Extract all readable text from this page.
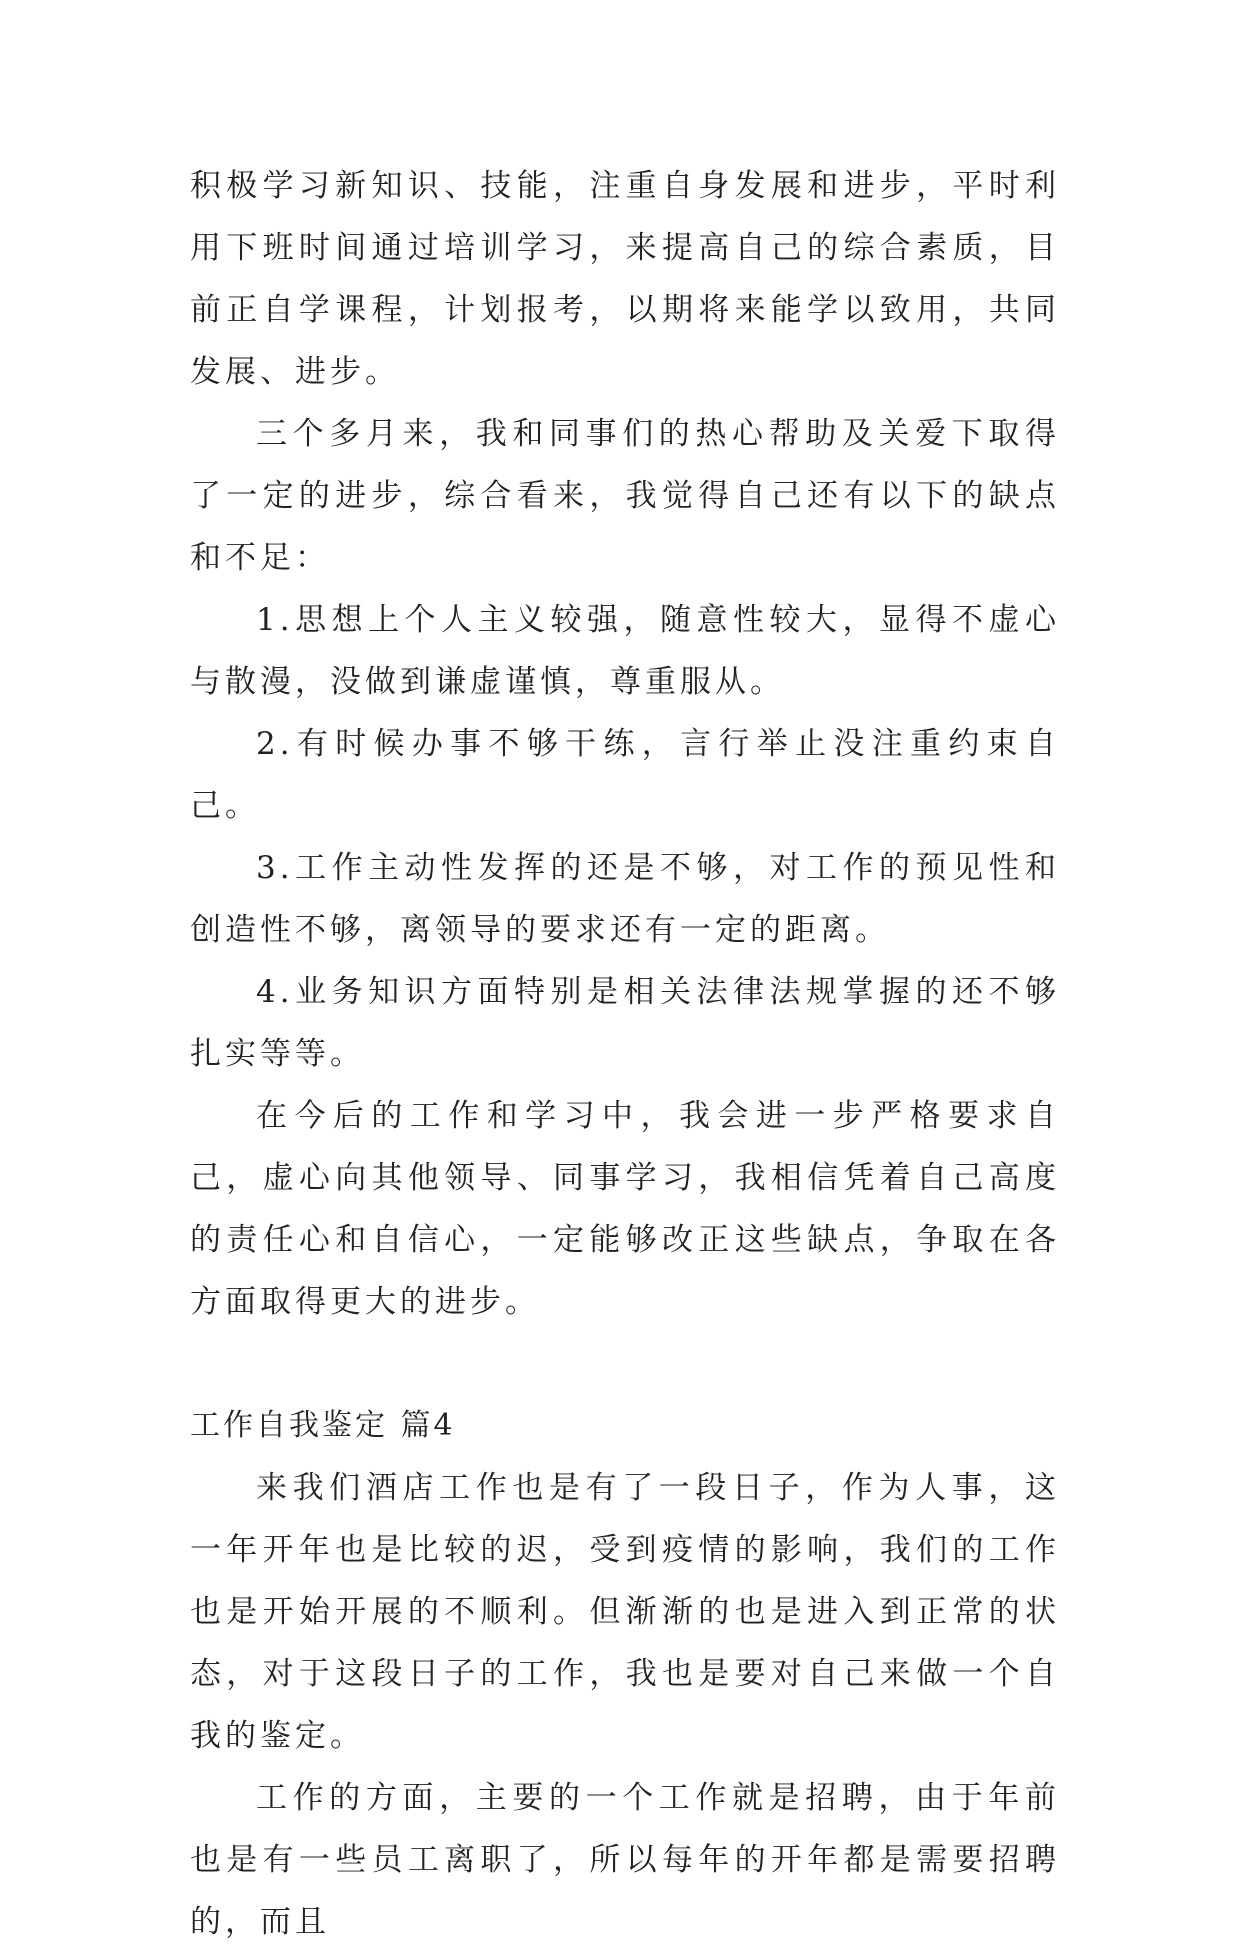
积极学习新知识、技能，注重自身发展和进步，平时利用下班时间通过培训学习，来提高自己的综合素质，目前正自学课程，计划报考，以期将来能学以致用，共同发展、进步。

三个多月来，我和同事们的热心帮助及关爱下取得了一定的进步，综合看来，我觉得自己还有以下的缺点和不足：

1.思想上个人主义较强，随意性较大，显得不虚心与散漫，没做到谦虚谨慎，尊重服从。

2.有时候办事不够干练，言行举止没注重约束自己。

3.工作主动性发挥的还是不够，对工作的预见性和创造性不够，离领导的要求还有一定的距离。

4.业务知识方面特别是相关法律法规掌握的还不够扎实等等。

在今后的工作和学习中，我会进一步严格要求自己，虚心向其他领导、同事学习，我相信凭着自己高度的责任心和自信心，一定能够改正这些缺点，争取在各方面取得更大的进步。

工作自我鉴定 篇4

来我们酒店工作也是有了一段日子，作为人事，这一年开年也是比较的迟，受到疫情的影响，我们的工作也是开始开展的不顺利。但渐渐的也是进入到正常的状态，对于这段日子的工作，我也是要对自己来做一个自我的鉴定。

工作的方面，主要的一个工作就是招聘，由于年前也是有一些员工离职了，所以每年的开年都是需要招聘的，而且
